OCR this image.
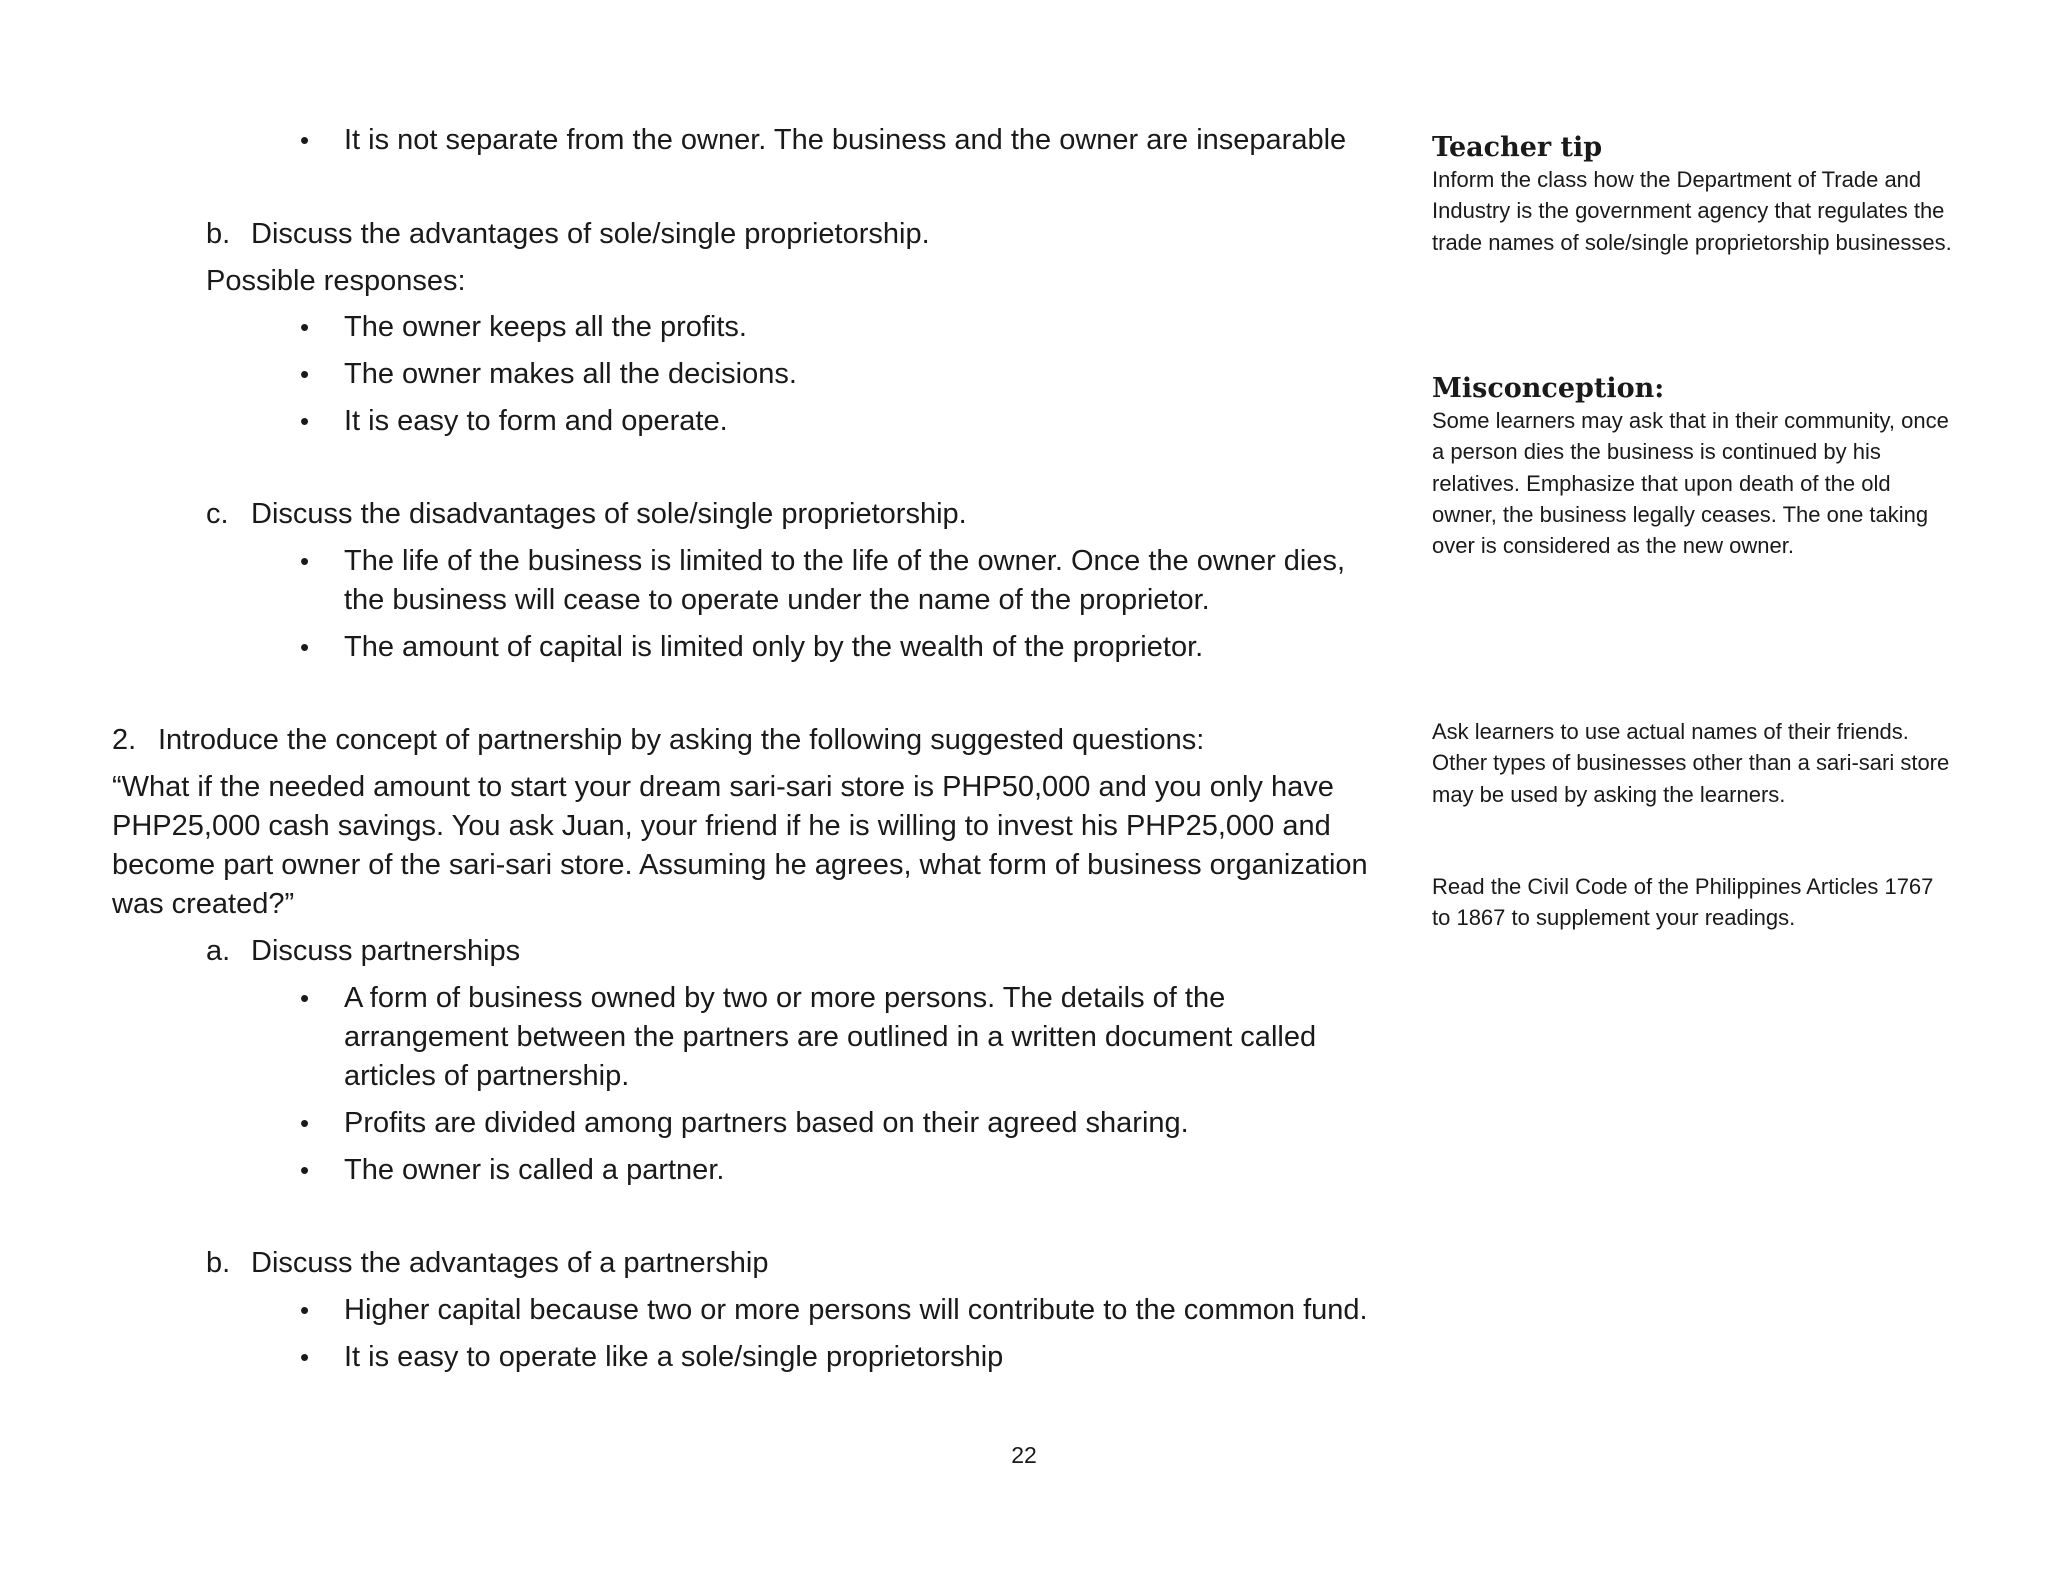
• It is not separate from the owner. The business and the owner are inseparable
b. Discuss the advantages of sole/single proprietorship.
Possible responses:
• The owner keeps all the profits.
• The owner makes all the decisions.
• It is easy to form and operate.
c. Discuss the disadvantages of sole/single proprietorship.
• The life of the business is limited to the life of the owner. Once the owner dies,
the business will cease to operate under the name of the proprietor.
• The amount of capital is limited only by the wealth of the proprietor.
2. Introduce the concept of partnership by asking the following suggested questions:
“What if the needed amount to start your dream sari-sari store is PHP50,000 and you only have
PHP25,000 cash savings. You ask Juan, your friend if he is willing to invest his PHP25,000 and
become part owner of the sari-sari store. Assuming he agrees, what form of business organization
was created?”
a. Discuss partnerships
• A form of business owned by two or more persons. The details of the
arrangement between the partners are outlined in a written document called
articles of partnership.
• Profits are divided among partners based on their agreed sharing.
• The owner is called a partner.
b. Discuss the advantages of a partnership
• Higher capital because two or more persons will contribute to the common fund.
• It is easy to operate like a sole/single proprietorship

Teacher tip

Inform the class how the Department of Trade and Industry is the government agency that regulates the trade names of sole/single proprietorship businesses.

Misconception:

Some learners may ask that in their community, once a person dies the business is continued by his relatives. Emphasize that upon death of the old owner, the business legally ceases. The one taking over is considered as the new owner.

Ask learners to use actual names of their friends. Other types of businesses other than a sari-sari store may be used by asking the learners.

Read the Civil Code of the Philippines Articles 1767 to 1867 to supplement your readings.

22
